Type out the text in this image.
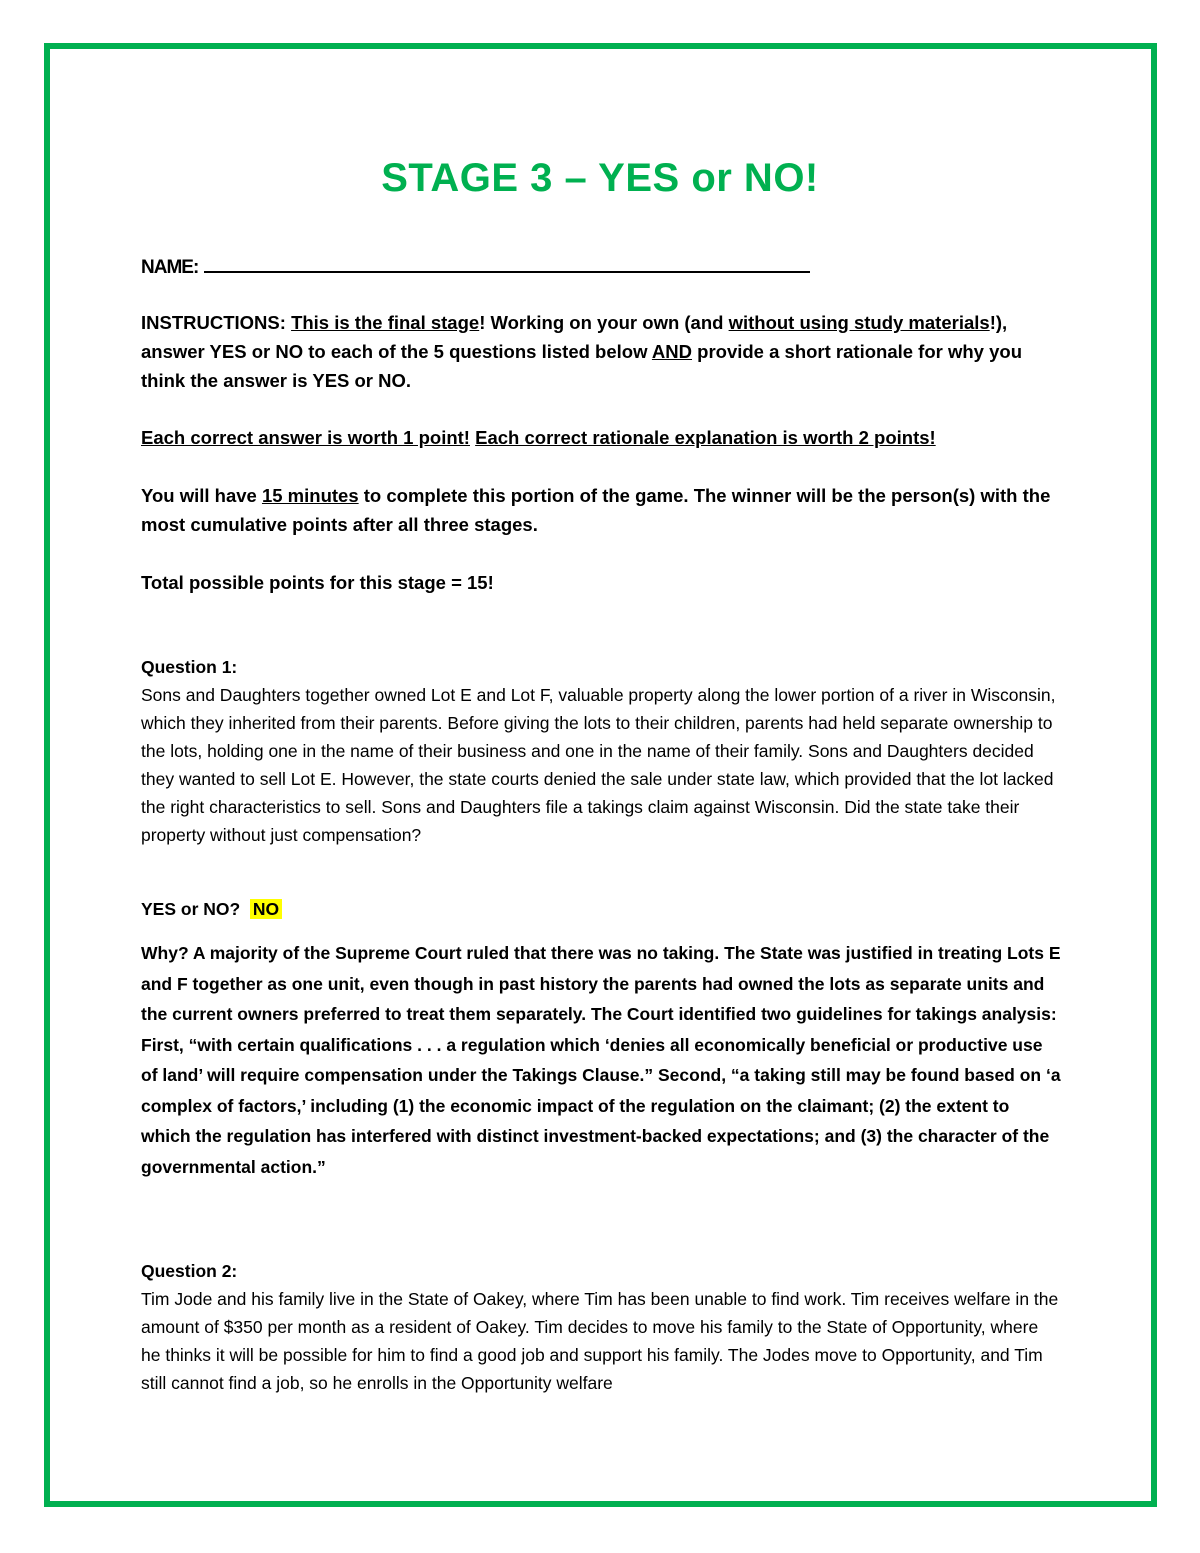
STAGE 3 – YES or NO!
NAME:
INSTRUCTIONS: This is the final stage! Working on your own (and without using study materials!), answer YES or NO to each of the 5 questions listed below AND provide a short rationale for why you think the answer is YES or NO.
Each correct answer is worth 1 point! Each correct rationale explanation is worth 2 points!
You will have 15 minutes to complete this portion of the game. The winner will be the person(s) with the most cumulative points after all three stages.
Total possible points for this stage = 15!
Question 1:
Sons and Daughters together owned Lot E and Lot F, valuable property along the lower portion of a river in Wisconsin, which they inherited from their parents. Before giving the lots to their children, parents had held separate ownership to the lots, holding one in the name of their business and one in the name of their family. Sons and Daughters decided they wanted to sell Lot E. However, the state courts denied the sale under state law, which provided that the lot lacked the right characteristics to sell. Sons and Daughters file a takings claim against Wisconsin. Did the state take their property without just compensation?
YES or NO? NO
Why? A majority of the Supreme Court ruled that there was no taking. The State was justified in treating Lots E and F together as one unit, even though in past history the parents had owned the lots as separate units and the current owners preferred to treat them separately. The Court identified two guidelines for takings analysis: First, “with certain qualifications . . . a regulation which ‘denies all economically beneficial or productive use of land’ will require compensation under the Takings Clause.” Second, “a taking still may be found based on ‘a complex of factors,’ including (1) the economic impact of the regulation on the claimant; (2) the extent to which the regulation has interfered with distinct investment-backed expectations; and (3) the character of the governmental action.”
Question 2:
Tim Jode and his family live in the State of Oakey, where Tim has been unable to find work. Tim receives welfare in the amount of $350 per month as a resident of Oakey. Tim decides to move his family to the State of Opportunity, where he thinks it will be possible for him to find a good job and support his family. The Jodes move to Opportunity, and Tim still cannot find a job, so he enrolls in the Opportunity welfare
